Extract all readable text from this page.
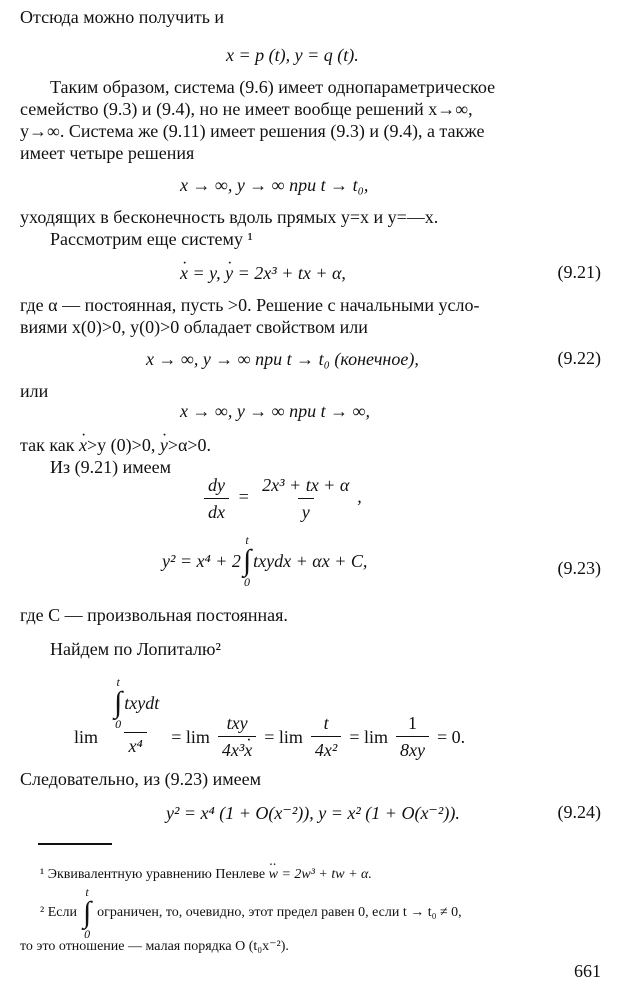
Отсюда можно получить и
x = p (t), y = q (t).
Таким образом, система (9.6) имеет однопараметрическое
семейство (9.3) и (9.4), но не имеет вообще решений x→∞,
y→∞. Система же (9.11) имеет решения (9.3) и (9.4), а также
имеет четыре решения
x → ∞, y → ∞ при t → t₀,
уходящих в бесконечность вдоль прямых y=x и y=—x.
Рассмотрим еще систему ¹
· x = y, · y = 2x³ + tx + α,	(9.21)
где α — постоянная, пусть >0. Решение с начальными усло-
виями x(0)>0, y(0)>0 обладает свойством или
x → ∞, y → ∞ при t → t₀ (конечное),	(9.22)
или
x → ∞, y → ∞ при t → ∞,
так как · x>y (0)>0, · y>α>0.
Из (9.21) имеем
$\frac{dy}{dx} = \frac{\text{2x³ + tx + α}}{y}$ ,
y² = x⁴ + 2
t
∫
0
txydx + αx + C,	(9.23)
где C — произвольная постоянная.
Найдем по Лопиталю²
lim t
∫
0
txydt
$x^4 = \lim \frac{\text{txy}}{\text{4x³· x}} = \lim \frac{t}{\text{4x²}} = \lim \frac{1}{8xy} = 0$.
Следовательно, из (9.23) имеем
y² = x⁴ (1 + O(x⁻²)), y = x² (1 + O(x⁻²)).	(9.24)
¹ Эквивалентную уравнению Пенлеве ·· w = 2w³ + tw + α.
² Если
t
∫
0
ограничен, то, очевидно, этот предел равен 0, если t → t₀ ≠ 0,
то это отношение — малая порядка O (t₀x⁻²).
661
